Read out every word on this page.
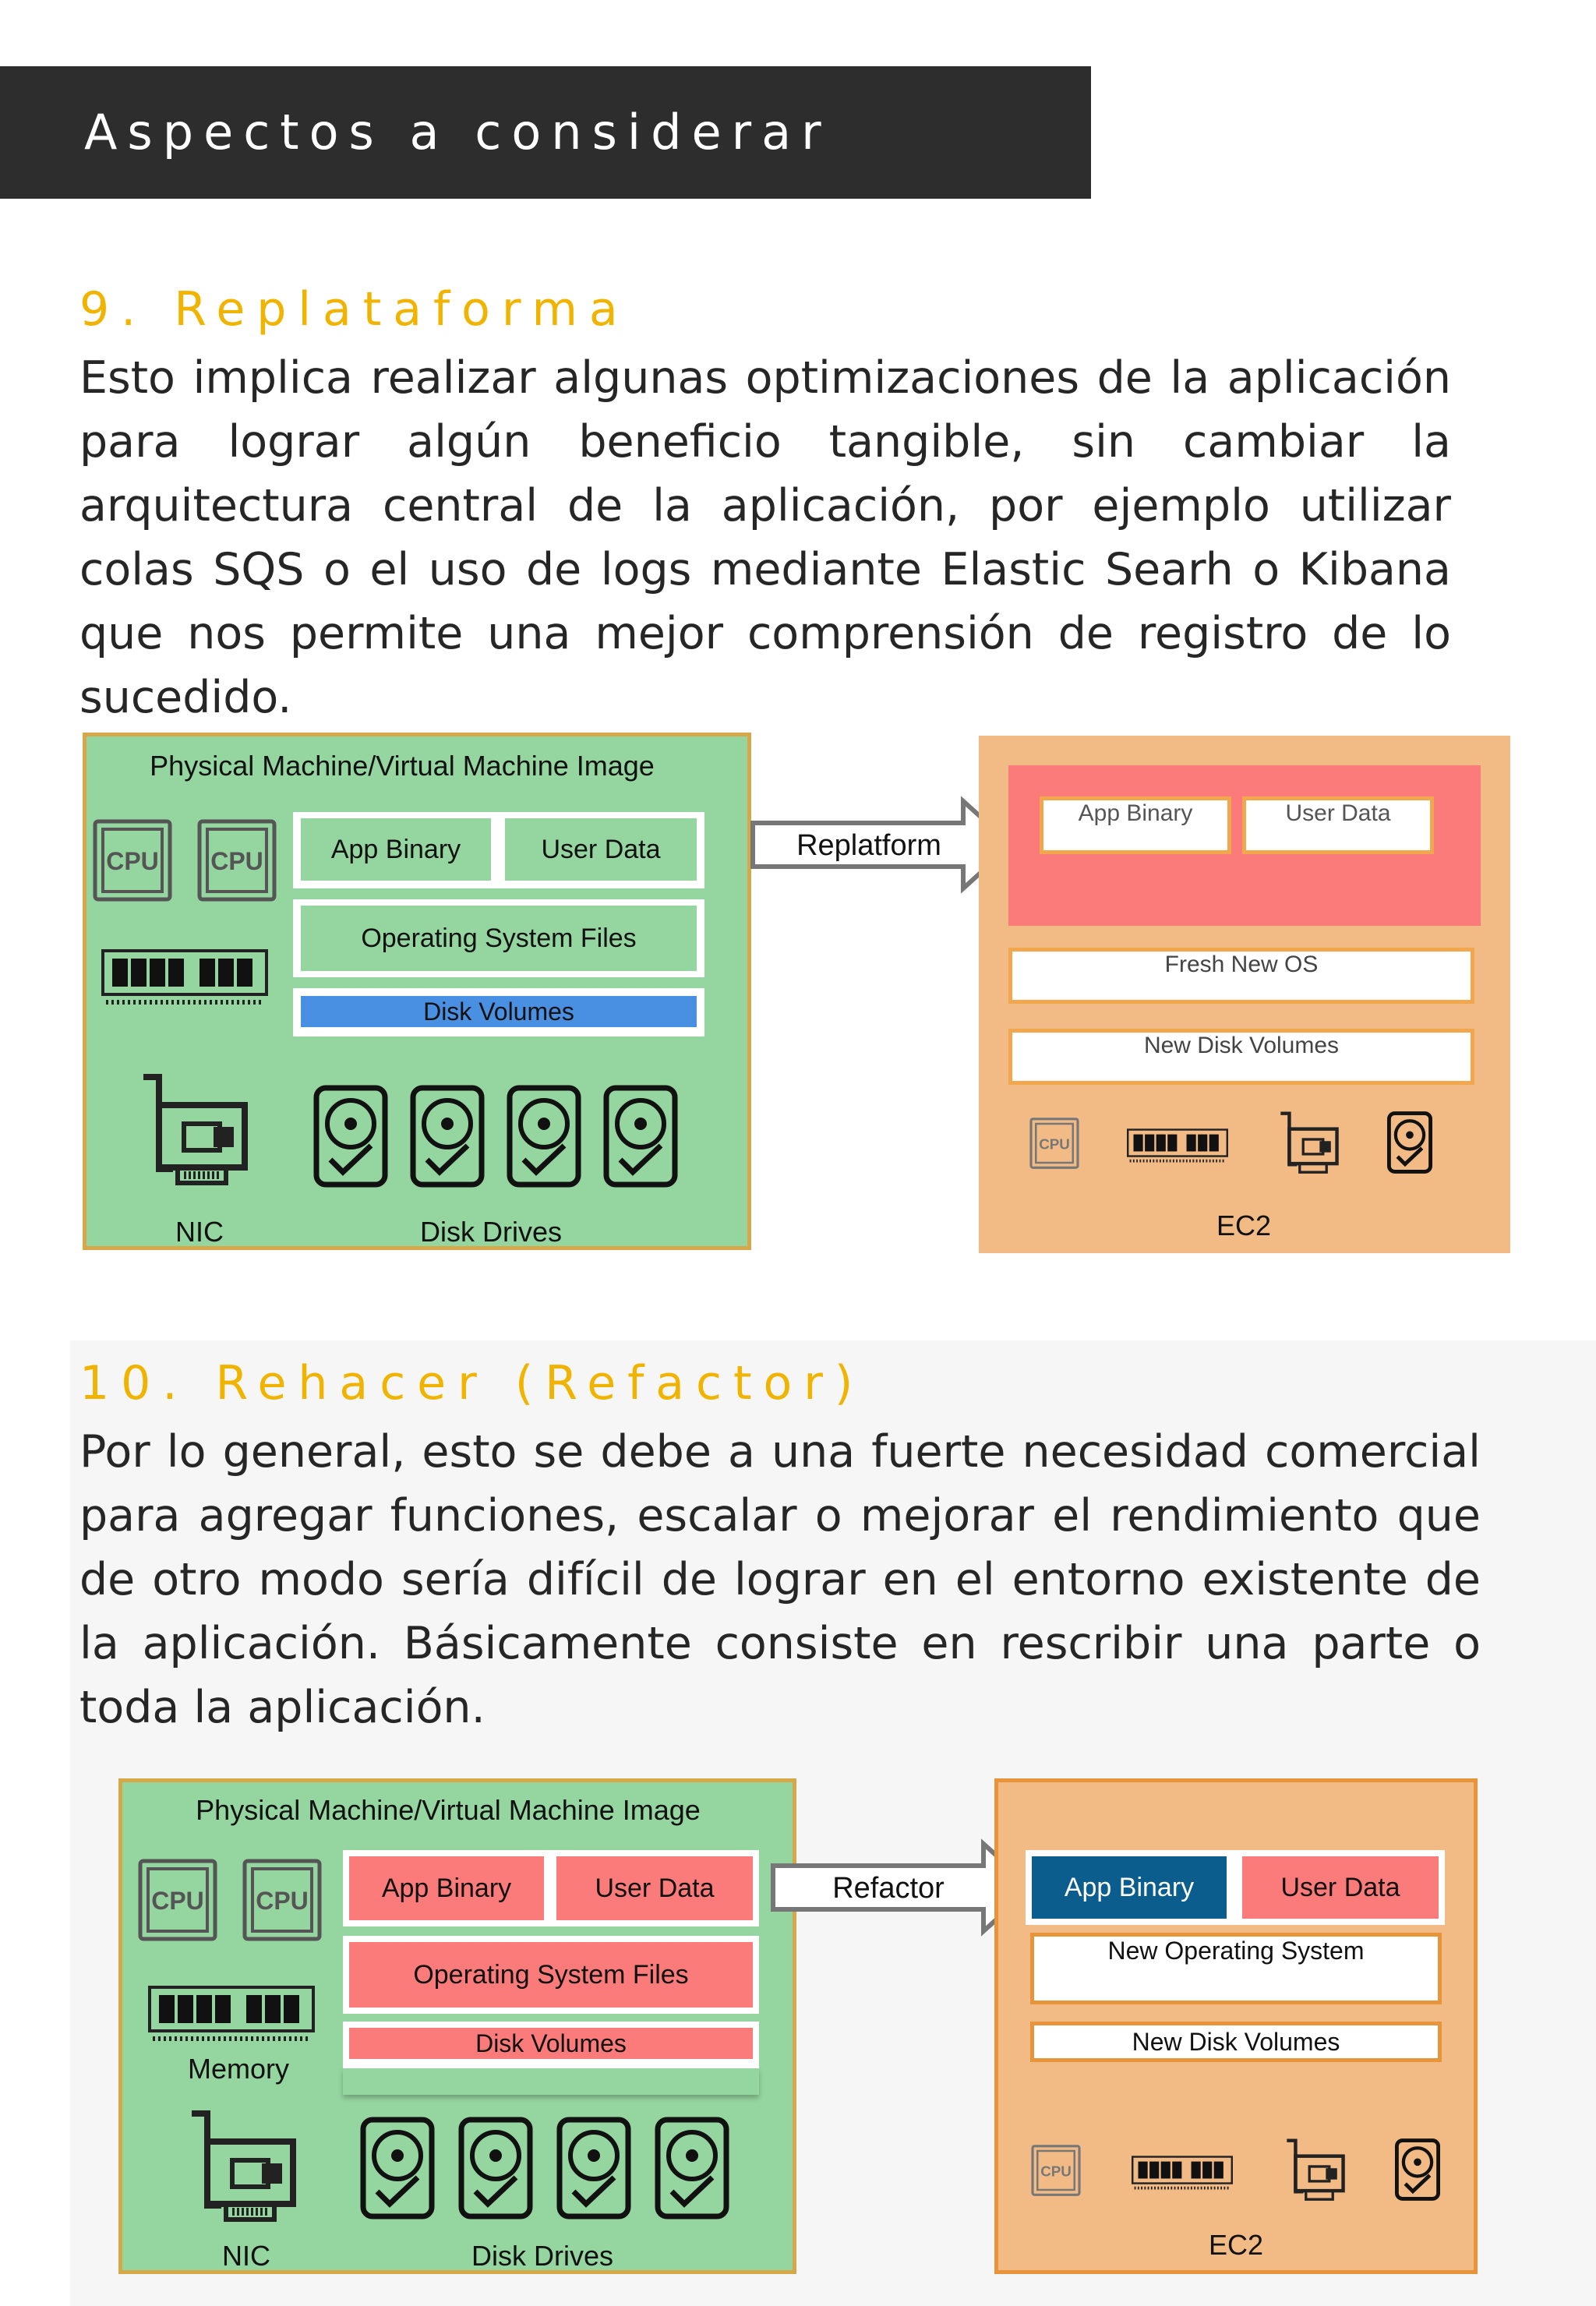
Aspectos a considerar
9. Replataforma
Esto implica realizar algunas optimizaciones de la aplicación para lograr algún beneficio tangible, sin cambiar la arquitectura central de la aplicación, por ejemplo utilizar colas SQS o el uso de logs mediante Elastic Searh o Kibana que nos permite una mejor comprensión de registro de lo sucedido.
Physical Machine/Virtual Machine Image
CPU CPU	App Binary	User Data
Operating System Files
Disk Volumes
NIC	Disk Drives
Replatform
App Binary	User Data
Fresh New OS
New Disk Volumes
CPU
EC2
10. Rehacer (Refactor)
Por lo general, esto se debe a una fuerte necesidad comercial para agregar funciones, escalar o mejorar el rendimiento que de otro modo sería difícil de lograr en el entorno existente de la aplicación. Básicamente consiste en rescribir una parte o toda la aplicación.
Physical Machine/Virtual Machine Image
CPU CPU
Memory
App Binary	User Data
Operating System Files
Disk Volumes
NIC	Disk Drives
Refactor	App Binary	User Data
New Operating System
New Disk Volumes
CPU
EC2
